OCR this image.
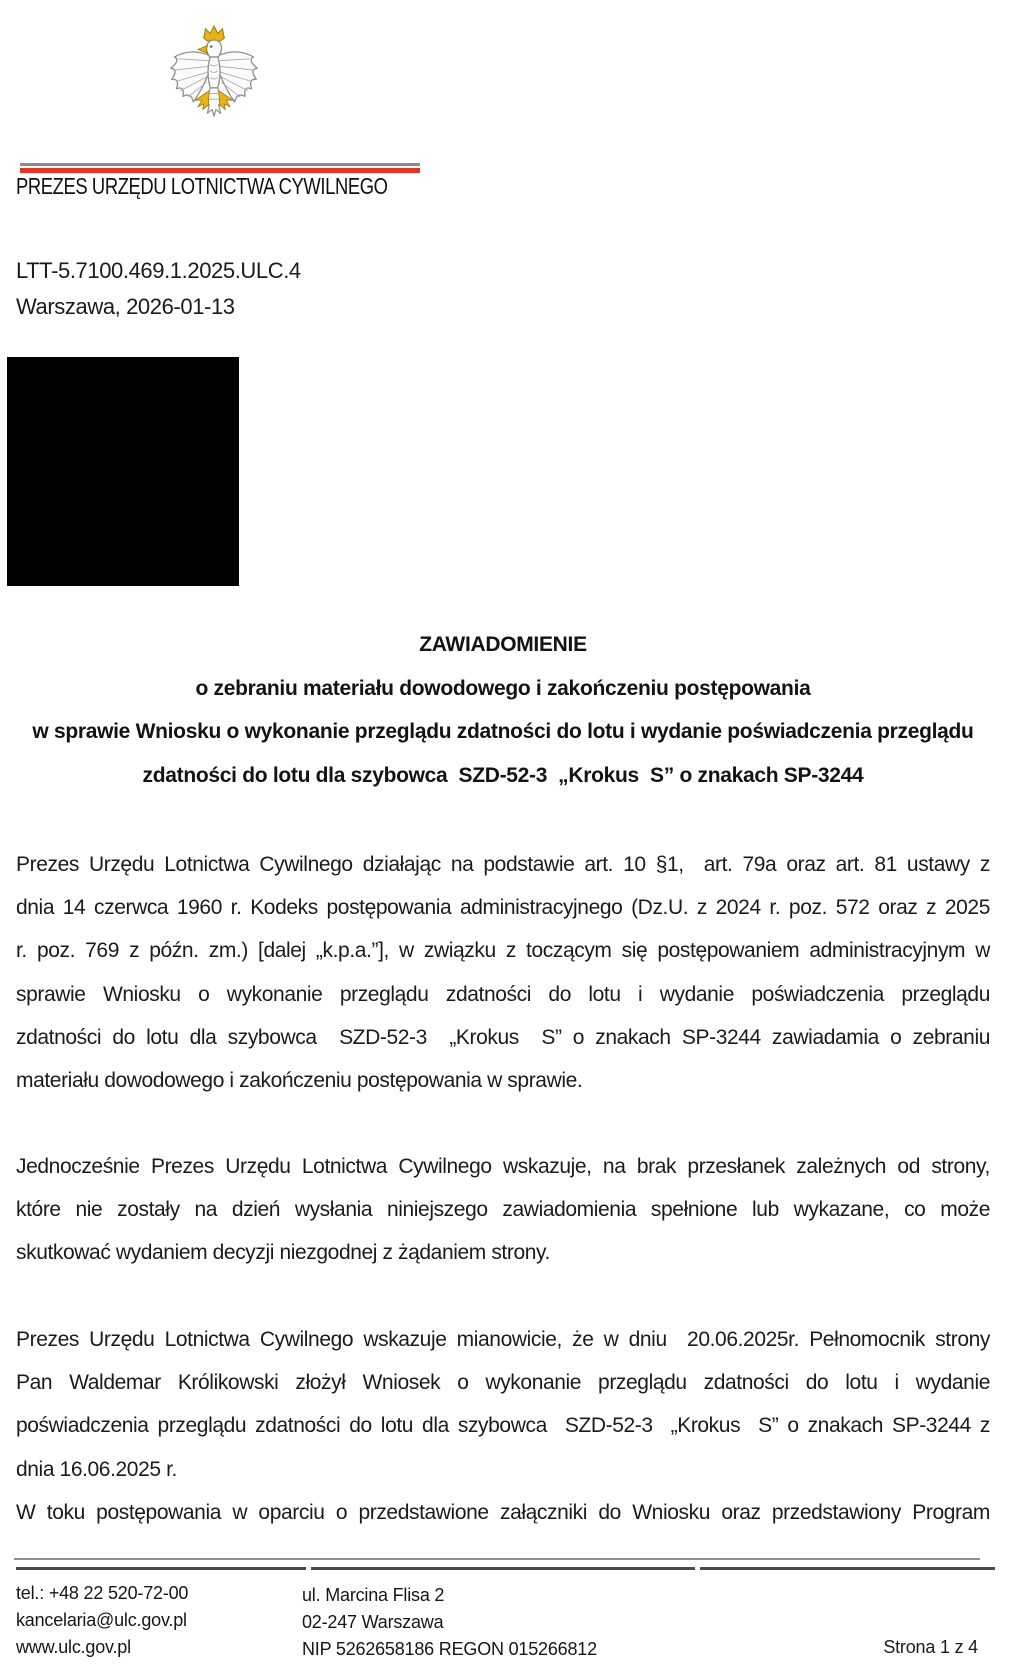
PREZES URZĘDU LOTNICTWA CYWILNEGO
LTT-5.7100.469.1.2025.ULC.4
Warszawa, 2026-01-13
ZAWIADOMIENIE
o zebraniu materiału dowodowego i zakończeniu postępowania
w sprawie Wniosku o wykonanie przeglądu zdatności do lotu i wydanie poświadczenia przeglądu
zdatności do lotu dla szybowca  SZD-52-3  „Krokus  S” o znakach SP-3244
Prezes Urzędu Lotnictwa Cywilnego działając na podstawie art. 10 §1,  art. 79a oraz art. 81 ustawy z
dnia 14 czerwca 1960 r. Kodeks postępowania administracyjnego (Dz.U. z 2024 r. poz. 572 oraz z 2025
r. poz. 769 z późn. zm.) [dalej „k.p.a.”], w związku z toczącym się postępowaniem administracyjnym w
sprawie Wniosku o wykonanie przeglądu zdatności do lotu i wydanie poświadczenia przeglądu
zdatności do lotu dla szybowca  SZD-52-3  „Krokus  S” o znakach SP-3244 zawiadamia o zebraniu
materiału dowodowego i zakończeniu postępowania w sprawie.
Jednocześnie Prezes Urzędu Lotnictwa Cywilnego wskazuje, na brak przesłanek zależnych od strony,
które nie zostały na dzień wysłania niniejszego zawiadomienia spełnione lub wykazane, co może
skutkować wydaniem decyzji niezgodnej z żądaniem strony.
Prezes Urzędu Lotnictwa Cywilnego wskazuje mianowicie, że w dniu  20.06.2025r. Pełnomocnik strony
Pan Waldemar Królikowski złożył Wniosek o wykonanie przeglądu zdatności do lotu i wydanie
poświadczenia przeglądu zdatności do lotu dla szybowca  SZD-52-3  „Krokus  S” o znakach SP-3244 z
dnia 16.06.2025 r.
W toku postępowania w oparciu o przedstawione załączniki do Wniosku oraz przedstawiony Program
tel.: +48 22 520-72-00
kancelaria@ulc.gov.pl
www.ulc.gov.pl
ul. Marcina Flisa 2
02-247 Warszawa
NIP 5262658186 REGON 015266812	Strona 1 z 4
